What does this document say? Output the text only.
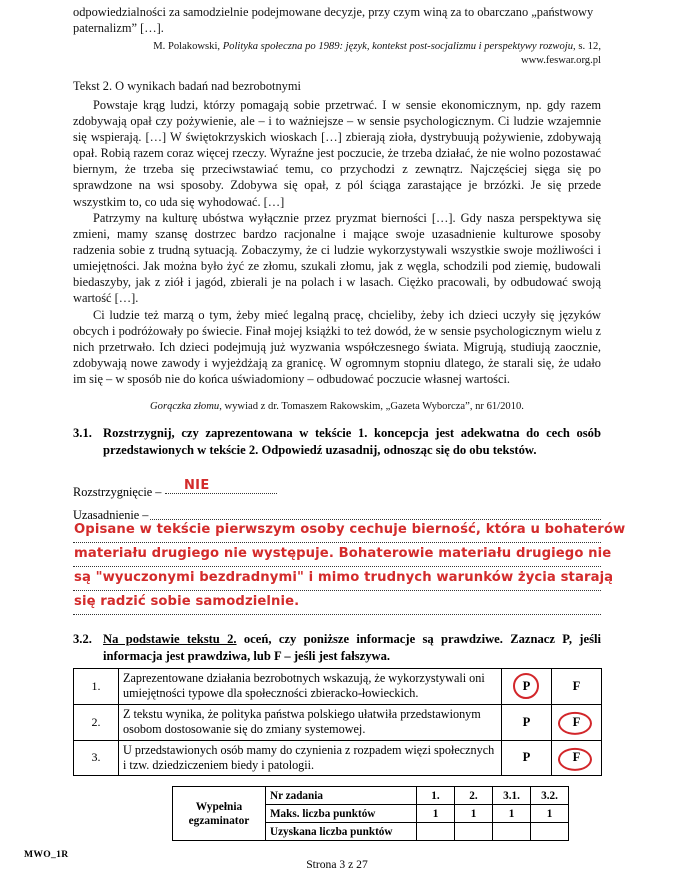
odpowiedzialności za samodzielnie podejmowane decyzje, przy czym winą za to obarczano „państwowy paternalizm” […].
M. Polakowski, Polityka społeczna po 1989: język, kontekst post-socjalizmu i perspektywy rozwoju, s. 12,
www.feswar.org.pl
Tekst 2. O wynikach badań nad bezrobotnymi
Powstaje krąg ludzi, którzy pomagają sobie przetrwać. I w sensie ekonomicznym, np. gdy razem zdobywają opał czy pożywienie, ale – i to ważniejsze – w sensie psychologicznym. Ci ludzie wzajemnie się wspierają. […] W świętokrzyskich wioskach […] zbierają zioła, dystrybuują pożywienie, zdobywają opał. Robią razem coraz więcej rzeczy. Wyraźne jest poczucie, że trzeba działać, że nie wolno pozostawać biernym, że trzeba się przeciwstawiać temu, co przychodzi z zewnątrz. Najczęściej sięga się po sprawdzone na wsi sposoby. Zdobywa się opał, z pól ściąga zarastające je brzózki. Je się przede wszystkim to, co uda się wyhodować. […]
Patrzymy na kulturę ubóstwa wyłącznie przez pryzmat bierności […]. Gdy nasza perspektywa się zmieni, mamy szansę dostrzec bardzo racjonalne i mające swoje uzasadnienie kulturowe sposoby radzenia sobie z trudną sytuacją. Zobaczymy, że ci ludzie wykorzystywali wszystkie swoje możliwości i umiejętności. Jak można było żyć ze złomu, szukali złomu, jak z węgla, schodzili pod ziemię, budowali biedaszyby, jak z ziół i jagód, zbierali je na polach i w lasach. Ciężko pracowali, by odbudować swoją wartość […].
Ci ludzie też marzą o tym, żeby mieć legalną pracę, chcieliby, żeby ich dzieci uczyły się języków obcych i podróżowały po świecie. Finał mojej książki to też dowód, że w sensie psychologicznym wielu z nich przetrwało. Ich dzieci podejmują już wyzwania współczesnego świata. Migrują, studiują zaocznie, zdobywają nowe zawody i wyjeżdżają za granicę. W ogromnym stopniu dlatego, że starali się, że udało im się – w sposób nie do końca uświadomiony – odbudować poczucie własnej wartości.
Gorączka złomu, wywiad z dr. Tomaszem Rakowskim, „Gazeta Wyborcza”, nr 61/2010.
3.1. Rozstrzygnij, czy zaprezentowana w tekście 1. koncepcja jest adekwatna do cech osób przedstawionych w tekście 2. Odpowiedź uzasadnij, odnosząc się do obu tekstów.
Rozstrzygnięcie –	NIE
Uzasadnienie –
Opisane w tekście pierwszym osoby cechuje bierność, która u bohaterów
materiału drugiego nie występuje. Bohaterowie materiału drugiego nie
są "wyuczonymi bezdradnymi" i mimo trudnych warunków życia starają
się radzić sobie samodzielnie.
3.2. Na podstawie tekstu 2. oceń, czy poniższe informacje są prawdziwe. Zaznacz P, jeśli informacja jest prawdziwa, lub F – jeśli jest fałszywa.
1.	Zaprezentowane działania bezrobotnych wskazują, że wykorzystywali oni umiejętności typowe dla społeczności zbieracko-łowieckich.	P	F
2.	Z tekstu wynika, że polityka państwa polskiego ułatwiła przedstawionym osobom dostosowanie się do zmiany systemowej.	P	F

3.	U przedstawionych osób mamy do czynienia z rozpadem więzi społecznych i tzw. dziedziczeniem biedy i patologii.	P	F
Wypełnia
egzaminator	Nr zadania	1.	2.	3.1.	3.2.
	Maks. liczba punktów	1	1	1	1
	Uzyskana liczba punktów				
MWO_1R
Strona 3 z 27
